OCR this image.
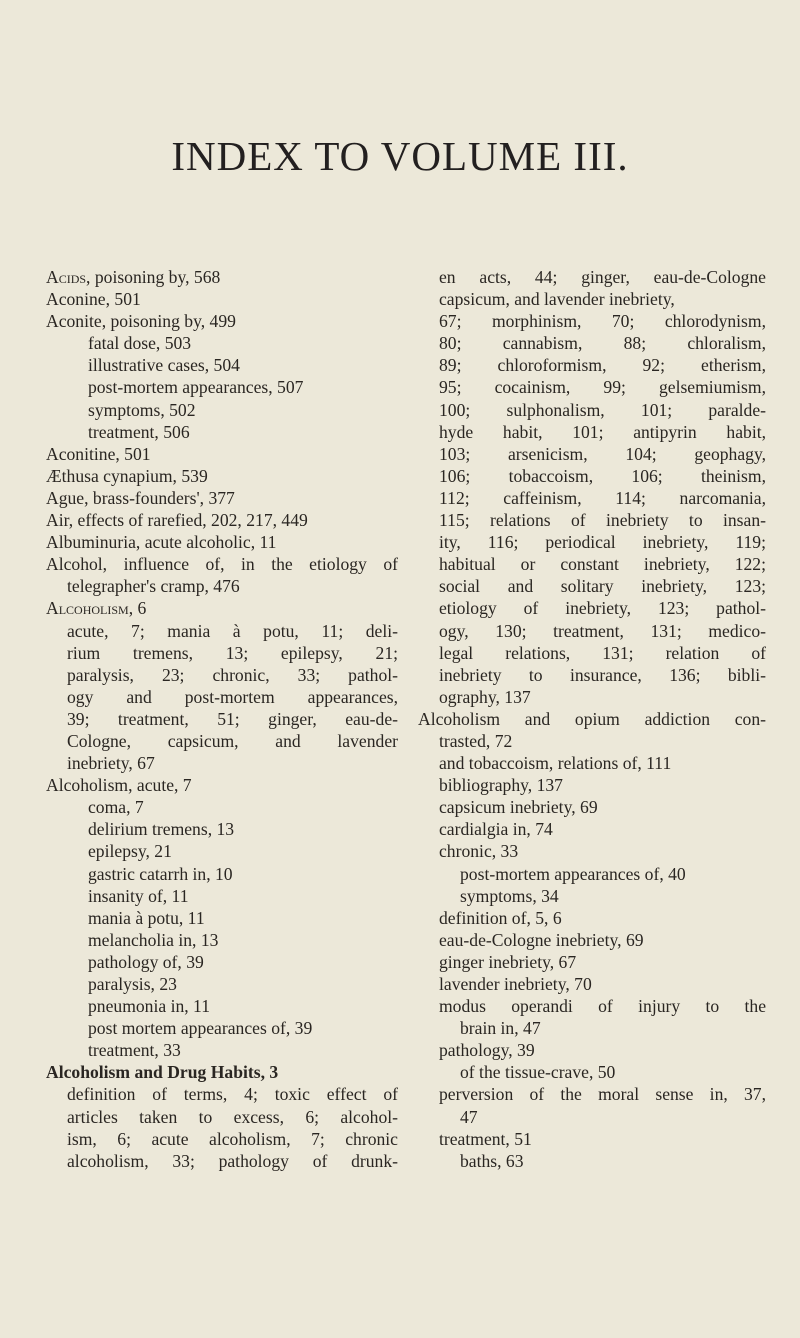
INDEX TO VOLUME III.
Acids, poisoning by, 568
Aconine, 501
Aconite, poisoning by, 499
fatal dose, 503
illustrative cases, 504
post-mortem appearances, 507
symptoms, 502
treatment, 506
Aconitine, 501
Æthusa cynapium, 539
Ague, brass-founders', 377
Air, effects of rarefied, 202, 217, 449
Albuminuria, acute alcoholic, 11
Alcohol, influence of, in the etiology of
telegrapher's cramp, 476
Alcoholism, 6
acute, 7; mania à potu, 11; deli-
rium tremens, 13; epilepsy, 21;
paralysis, 23; chronic, 33; pathol-
ogy and post-mortem appearances,
39; treatment, 51; ginger, eau-de-
Cologne, capsicum, and lavender
inebriety, 67
Alcoholism, acute, 7
coma, 7
delirium tremens, 13
epilepsy, 21
gastric catarrh in, 10
insanity of, 11
mania à potu, 11
melancholia in, 13
pathology of, 39
paralysis, 23
pneumonia in, 11
post mortem appearances of, 39
treatment, 33
Alcoholism and Drug Habits, 3
definition of terms, 4; toxic effect of
articles taken to excess, 6; alcohol-
ism, 6; acute alcoholism, 7; chronic
alcoholism, 33; pathology of drunk-
en acts, 44; ginger, eau-de-Cologne
capsicum, and lavender inebriety,
67; morphinism, 70; chlorodynism,
80; cannabism, 88; chloralism,
89; chloroformism, 92; etherism,
95; cocainism, 99; gelsemiumism,
100; sulphonalism, 101; paralde-
hyde habit, 101; antipyrin habit,
103; arsenicism, 104; geophagy,
106; tobaccoism, 106; theinism,
112; caffeinism, 114; narcomania,
115; relations of inebriety to insan-
ity, 116; periodical inebriety, 119;
habitual or constant inebriety, 122;
social and solitary inebriety, 123;
etiology of inebriety, 123; pathol-
ogy, 130; treatment, 131; medico-
legal relations, 131; relation of
inebriety to insurance, 136; bibli-
ography, 137
Alcoholism and opium addiction con-
trasted, 72
and tobaccoism, relations of, 111
bibliography, 137
capsicum inebriety, 69
cardialgia in, 74
chronic, 33
post-mortem appearances of, 40
symptoms, 34
definition of, 5, 6
eau-de-Cologne inebriety, 69
ginger inebriety, 67
lavender inebriety, 70
modus operandi of injury to the
brain in, 47
pathology, 39
of the tissue-crave, 50
perversion of the moral sense in, 37,
47
treatment, 51
baths, 63
